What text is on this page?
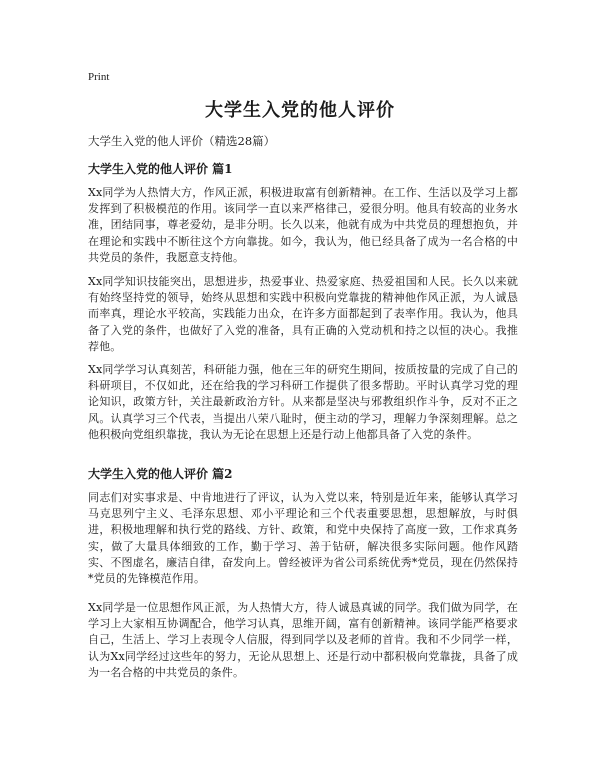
Print
大学生入党的他人评价

大学生入党的他人评价（精选28篇）

大学生入党的他人评价 篇1

Xx同学为人热情大方，作风正派，积极进取富有创新精神。在工作、生活以及学习上都发挥到了积极模范的作用。该同学一直以来严格律己，爱很分明。他具有较高的业务水准，团结同事，尊老爱幼，是非分明。长久以来，他就有成为中共党员的理想抱负，并在理论和实践中不断往这个方向靠拢。如今，我认为，他已经具备了成为一名合格的中共党员的条件，我愿意支持他。

Xx同学知识技能突出，思想进步，热爱事业、热爱家庭、热爱祖国和人民。长久以来就有始终坚持党的领导，始终从思想和实践中积极向党靠拢的精神他作风正派，为人诚恳而率真，理论水平较高，实践能力出众，在许多方面都起到了表率作用。我认为，他具备了入党的条件，也做好了入党的准备，具有正确的入党动机和持之以恒的决心。我推荐他。

Xx同学学习认真刻苦，科研能力强，他在三年的研究生期间，按质按量的完成了自己的科研项目，不仅如此，还在给我的学习科研工作提供了很多帮助。平时认真学习党的理论知识，政策方针，关注最新政治方针。从来都是坚决与邪教组织作斗争，反对不正之风。认真学习三个代表，当提出八荣八耻时，便主动的学习，理解力争深刻理解。总之他积极向党组织靠拢，我认为无论在思想上还是行动上他都具备了入党的条件。

大学生入党的他人评价 篇2

同志们对实事求是、中肯地进行了评议，认为入党以来，特别是近年来，能够认真学习马克思列宁主义、毛泽东思想、邓小平理论和三个代表重要思想，思想解放，与时俱进，积极地理解和执行党的路线、方针、政策，和党中央保持了高度一致，工作求真务实，做了大量具体细致的工作，勤于学习、善于钻研，解决很多实际问题。他作风踏实、不图虚名，廉洁自律，奋发向上。曾经被评为省公司系统优秀*党员，现在仍然保持*党员的先锋模范作用。

Xx同学是一位思想作风正派，为人热情大方，待人诚恳真诚的同学。我们做为同学，在学习上大家相互协调配合，他学习认真，思维开阔，富有创新精神。该同学能严格要求自己，生活上、学习上表现令人信服，得到同学以及老师的首肯。我和不少同学一样，认为Xx同学经过这些年的努力，无论从思想上、还是行动中都积极向党靠拢，具备了成为一名合格的中共党员的条件。
